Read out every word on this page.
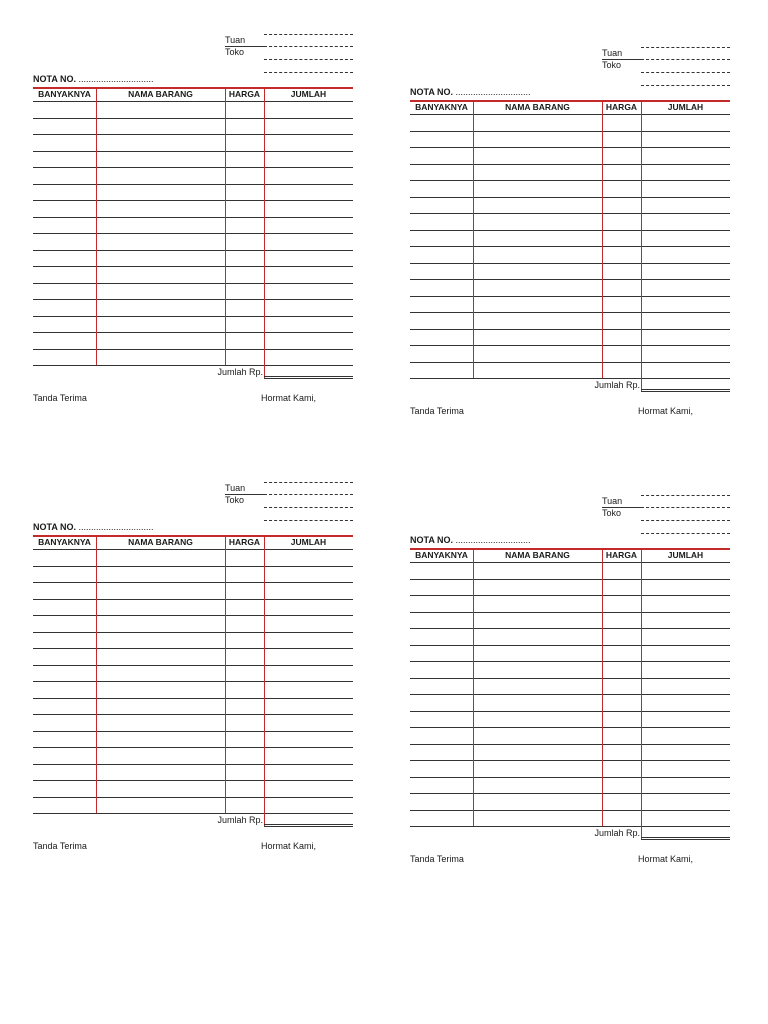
Tuan
Toko
NOTA NO. ..............................
BANYAKNYA	NAMA BARANG	HARGA	JUMLAH
Jumlah Rp.
Tanda Terima	Hormat Kami,
Tuan
Toko
NOTA NO. ..............................
BANYAKNYA	NAMA BARANG	HARGA	JUMLAH
Jumlah Rp.
Tanda Terima	Hormat Kami,
Tuan
Toko
NOTA NO. ..............................
BANYAKNYA	NAMA BARANG	HARGA	JUMLAH
Jumlah Rp.
Tanda Terima	Hormat Kami,
Tuan
Toko
NOTA NO. ..............................
BANYAKNYA	NAMA BARANG	HARGA	JUMLAH
Jumlah Rp.
Tanda Terima	Hormat Kami,
